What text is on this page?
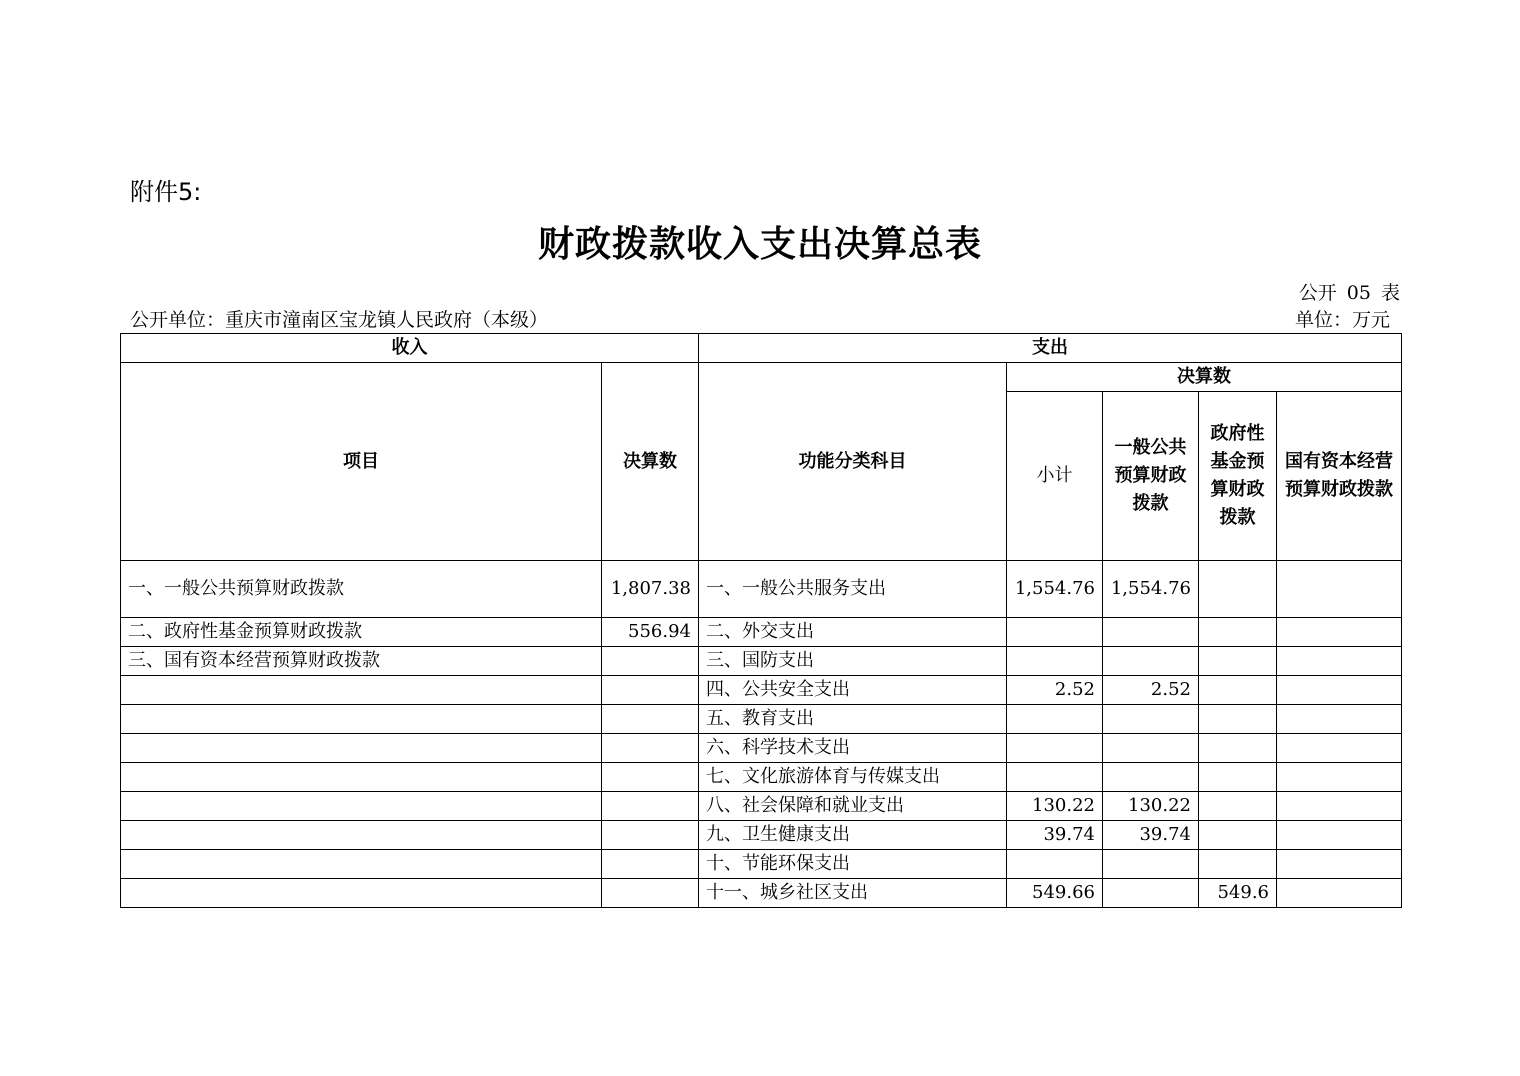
附件5:
财政拨款收入支出决算总表
公开 05 表
公开单位：重庆市潼南区宝龙镇人民政府（本级）	单位：万元
收入		支出				
项目	决算数	功能分类科目	决算数			
			小计	一般公共预算财政拨款	政府性基金预算财政拨款	国有资本经营预算财政拨款
一、一般公共预算财政拨款	1,807.38	一、一般公共服务支出	1,554.76	1,554.76		
二、政府性基金预算财政拨款	556.94	二、外交支出				
三、国有资本经营预算财政拨款		三、国防支出				
		四、公共安全支出	2.52	2.52		
		五、教育支出				
		六、科学技术支出				
		七、文化旅游体育与传媒支出				
		八、社会保障和就业支出	130.22	130.22		
		九、卫生健康支出	39.74	39.74		
		十、节能环保支出				
		十一、城乡社区支出	549.66		549.6	
